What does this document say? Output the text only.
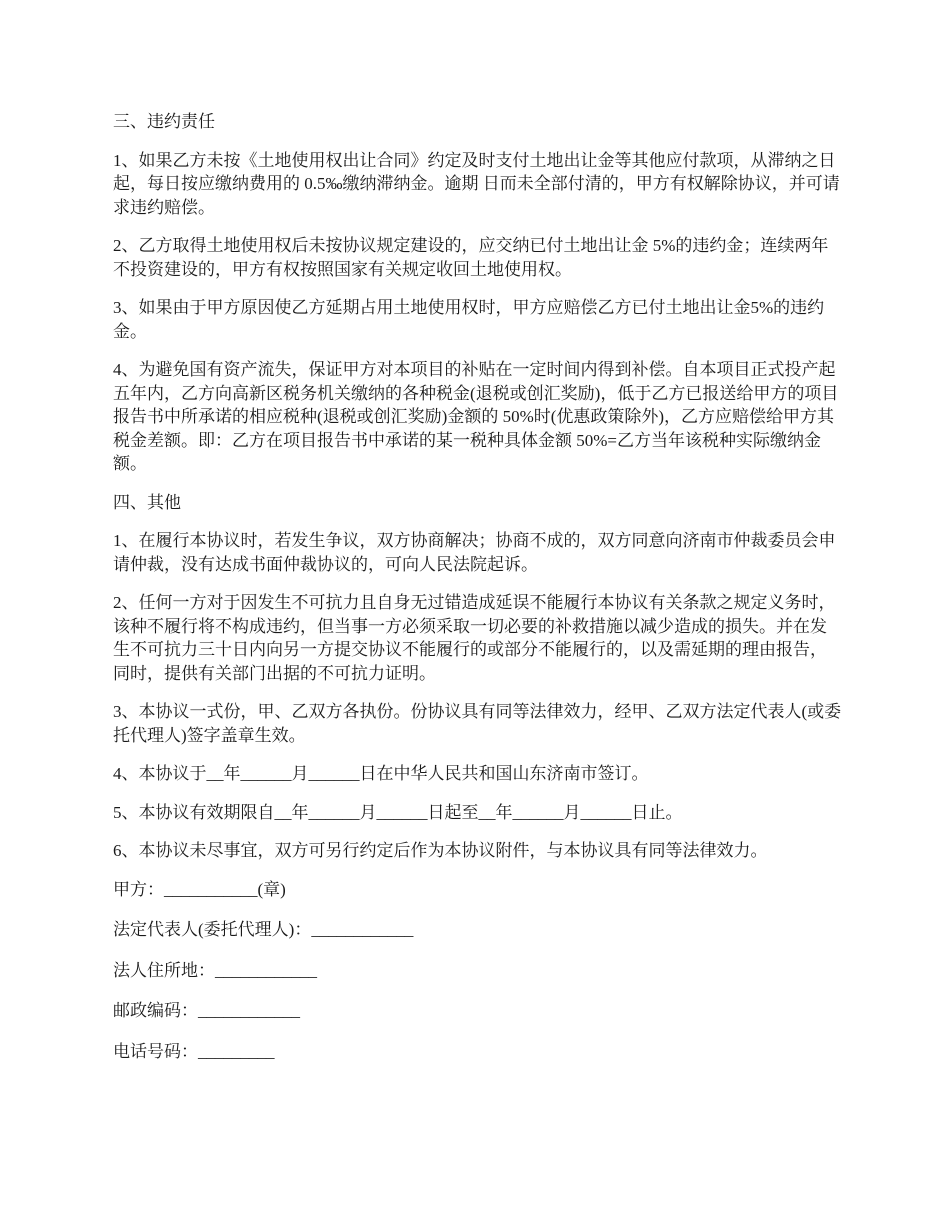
三、违约责任

1、如果乙方未按《土地使用权出让合同》约定及时支付土地出让金等其他应付款项，从滞纳之日起，每日按应缴纳费用的 0.5‰缴纳滞纳金。逾期 日而未全部付清的，甲方有权解除协议，并可请求违约赔偿。

2、乙方取得土地使用权后未按协议规定建设的，应交纳已付土地出让金 5%的违约金；连续两年不投资建设的，甲方有权按照国家有关规定收回土地使用权。

3、如果由于甲方原因使乙方延期占用土地使用权时，甲方应赔偿乙方已付土地出让金5%的违约金。

4、为避免国有资产流失，保证甲方对本项目的补贴在一定时间内得到补偿。自本项目正式投产起五年内，乙方向高新区税务机关缴纳的各种税金(退税或创汇奖励)，低于乙方已报送给甲方的项目报告书中所承诺的相应税种(退税或创汇奖励)金额的 50%时(优惠政策除外)，乙方应赔偿给甲方其税金差额。即：乙方在项目报告书中承诺的某一税种具体金额 50%=乙方当年该税种实际缴纳金额。

四、其他

1、在履行本协议时，若发生争议，双方协商解决；协商不成的，双方同意向济南市仲裁委员会申请仲裁，没有达成书面仲裁协议的，可向人民法院起诉。

2、任何一方对于因发生不可抗力且自身无过错造成延误不能履行本协议有关条款之规定义务时，该种不履行将不构成违约，但当事一方必须采取一切必要的补救措施以减少造成的损失。并在发生不可抗力三十日内向另一方提交协议不能履行的或部分不能履行的，以及需延期的理由报告，同时，提供有关部门出据的不可抗力证明。

3、本协议一式份，甲、乙双方各执份。份协议具有同等法律效力，经甲、乙双方法定代表人(或委托代理人)签字盖章生效。

4、本协议于__年______月______日在中华人民共和国山东济南市签订。

5、本协议有效期限自__年______月______日起至__年______月______日止。

6、本协议未尽事宜，双方可另行约定后作为本协议附件，与本协议具有同等法律效力。

甲方：___________(章)

法定代表人(委托代理人)：____________

法人住所地：____________

邮政编码：____________

电话号码：_________
